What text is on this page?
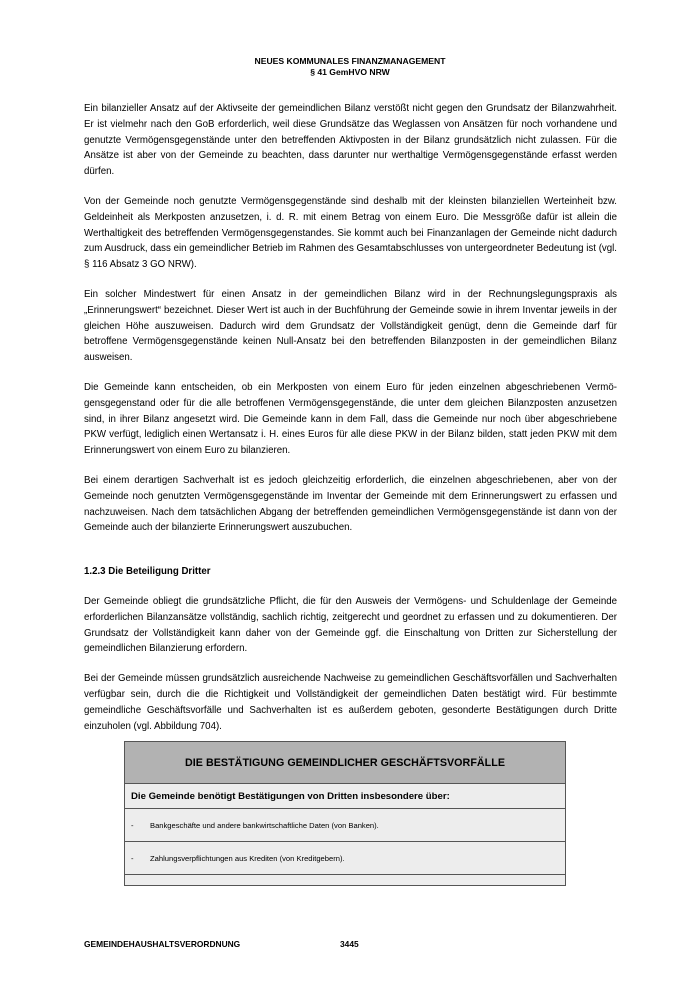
NEUES KOMMUNALES FINANZMANAGEMENT
§ 41 GemHVO NRW

Ein bilanzieller Ansatz auf der Aktivseite der gemeindlichen Bilanz verstößt nicht gegen den Grundsatz der Bilanzwahrheit. Er ist vielmehr nach den GoB erforderlich, weil diese Grundsätze das Weglassen von Ansätzen für noch vorhandene und genutzte Vermögensgegenstände unter den betreffenden Aktivposten in der Bilanz grundsätzlich nicht zulassen. Für die Ansätze ist aber von der Gemeinde zu beachten, dass darunter nur werthaltige Vermögensgegenstände erfasst werden dürfen.

Von der Gemeinde noch genutzte Vermögensgegenstände sind deshalb mit der kleinsten bilanziellen Werteinheit bzw. Geldeinheit als Merkposten anzusetzen, i. d. R. mit einem Betrag von einem Euro. Die Messgröße dafür ist allein die Werthaltigkeit des betreffenden Vermögensgegenstandes. Sie kommt auch bei Finanzanlagen der Gemeinde nicht dadurch zum Ausdruck, dass ein gemeindlicher Betrieb im Rahmen des Gesamtabschlusses von untergeordneter Bedeutung ist (vgl. § 116 Absatz 3 GO NRW).

Ein solcher Mindestwert für einen Ansatz in der gemeindlichen Bilanz wird in der Rechnungslegungspraxis als „Erinnerungswert“ bezeichnet. Dieser Wert ist auch in der Buchführung der Gemeinde sowie in ihrem Inventar jeweils in der gleichen Höhe auszuweisen. Dadurch wird dem Grundsatz der Vollständigkeit genügt, denn die Gemeinde darf für betroffene Vermögensgegenstände keinen Null-Ansatz bei den betreffenden Bilanzposten in der gemeindlichen Bilanz ausweisen.

Die Gemeinde kann entscheiden, ob ein Merkposten von einem Euro für jeden einzelnen abgeschriebenen Vermögensgegenstand oder für die alle betroffenen Vermögensgegenstände, die unter dem gleichen Bilanzposten anzusetzen sind, in ihrer Bilanz angesetzt wird. Die Gemeinde kann in dem Fall, dass die Gemeinde nur noch über abgeschriebene PKW verfügt, lediglich einen Wertansatz i. H. eines Euros für alle diese PKW in der Bilanz bilden, statt jeden PKW mit dem Erinnerungswert von einem Euro zu bilanzieren.

Bei einem derartigen Sachverhalt ist es jedoch gleichzeitig erforderlich, die einzelnen abgeschriebenen, aber von der Gemeinde noch genutzten Vermögensgegenstände im Inventar der Gemeinde mit dem Erinnerungswert zu erfassen und nachzuweisen. Nach dem tatsächlichen Abgang der betreffenden gemeindlichen Vermögensgegenstände ist dann von der Gemeinde auch der bilanzierte Erinnerungswert auszubuchen.

1.2.3 Die Beteiligung Dritter

Der Gemeinde obliegt die grundsätzliche Pflicht, die für den Ausweis der Vermögens- und Schuldenlage der Gemeinde erforderlichen Bilanzansätze vollständig, sachlich richtig, zeitgerecht und geordnet zu erfassen und zu dokumentieren. Der Grundsatz der Vollständigkeit kann daher von der Gemeinde ggf. die Einschaltung von Dritten zur Sicherstellung der gemeindlichen Bilanzierung erfordern.

Bei der Gemeinde müssen grundsätzlich ausreichende Nachweise zu gemeindlichen Geschäftsvorfällen und Sachverhalten verfügbar sein, durch die die Richtigkeit und Vollständigkeit der gemeindlichen Daten bestätigt wird. Für bestimmte gemeindliche Geschäftsvorfälle und Sachverhalten ist es außerdem geboten, gesonderte Bestätigungen durch Dritte einzuholen (vgl. Abbildung 704).

DIE BESTÄTIGUNG GEMEINDLICHER GESCHÄFTSVORFÄLLE
Die Gemeinde benötigt Bestätigungen von Dritten insbesondere über:
-	Bankgeschäfte und andere bankwirtschaftliche Daten (von Banken).
-	Zahlungsverpflichtungen aus Krediten (von Kreditgebern).
GEMEINDEHAUSHALTSVERORDNUNG	3445
